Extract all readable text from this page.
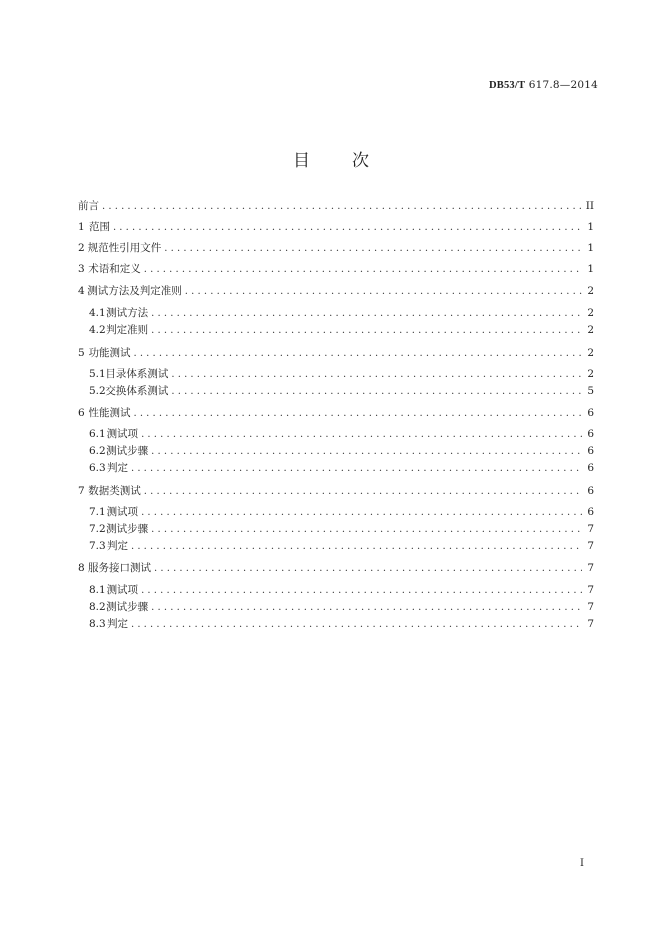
DB53/T 617.8—2014
目 次
前言 . . .	II
1 范围 . . .	1
2 规范性引用文件 . . .	1
3 术语和定义 . . .	1
4 测试方法及判定准则 . . .	2
4.1 测试方法 . . .	2
4.2 判定准则 . . .	2
5 功能测试 . . .	2
5.1 目录体系测试 . . .	2
5.2 交换体系测试 . . .	5
6 性能测试 . . .	6
6.1 测试项 . . .	6
6.2 测试步骤 . . .	6
6.3 判定 . . .	6
7 数据类测试 . . .	6
7.1 测试项 . . .	6
7.2 测试步骤 . . .	7
7.3 判定 . . .	7
8 服务接口测试 . . .	7
8.1 测试项 . . .	7
8.2 测试步骤 . . .	7
8.3 判定 . . .	7
I
